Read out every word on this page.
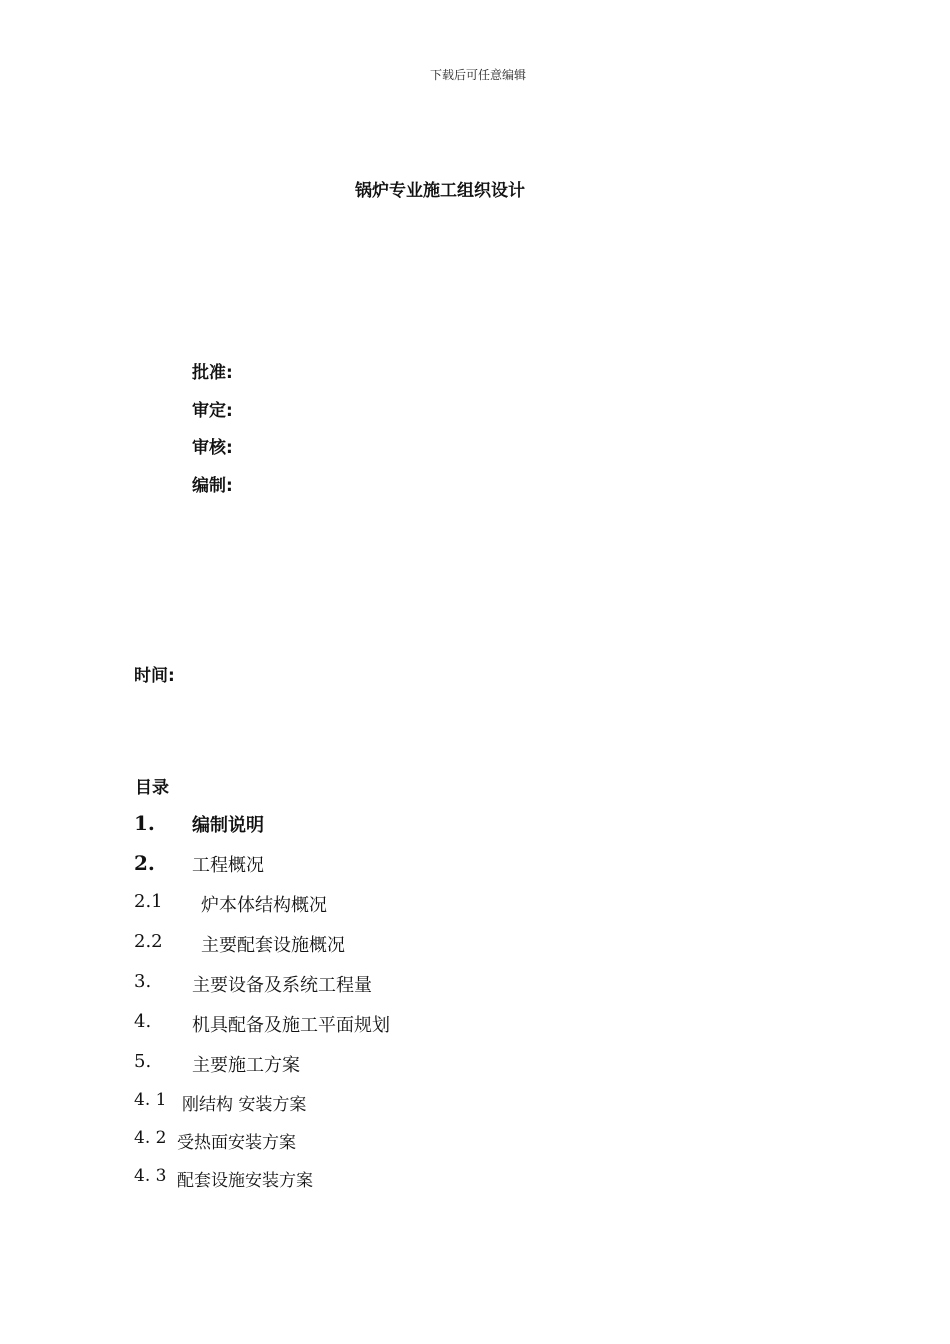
下载后可任意编辑
锅炉专业施工组织设计
批准:
审定:
审核:
编制:
时间:
目录
1. 编制说明
2. 工程概况
2.1 炉本体结构概况
2.2 主要配套设施概况
3. 主要设备及系统工程量
4. 机具配备及施工平面规划
5. 主要施工方案
4. 1 刚结构 安装方案
4. 2 受热面安装方案
4. 3 配套设施安装方案
